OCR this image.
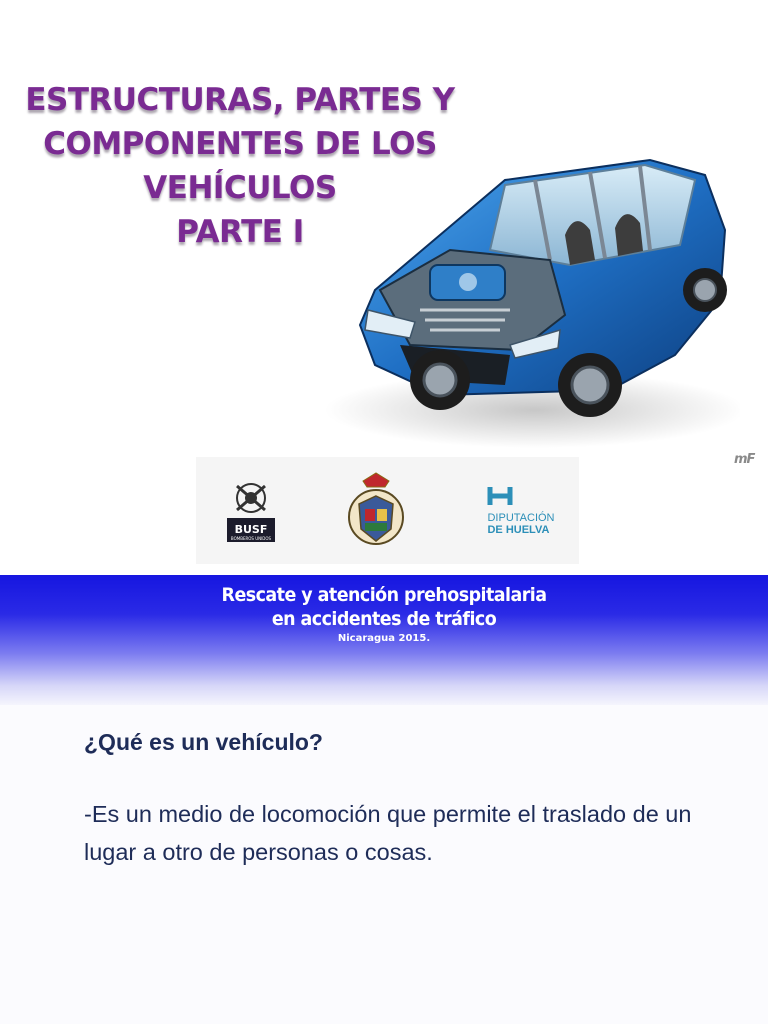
ESTRUCTURAS, PARTES Y
COMPONENTES DE LOS
VEHÍCULOS
PARTE I
mF
BUSF
BOMBEROS UNIDOS
DIPUTACIÓN
DE HUELVA
Rescate y atención prehospitalaria
en accidentes de tráfico
Nicaragua 2015.
¿Qué es un vehículo?
-Es un medio de locomoción que permite el traslado de un lugar a otro de personas o cosas.
